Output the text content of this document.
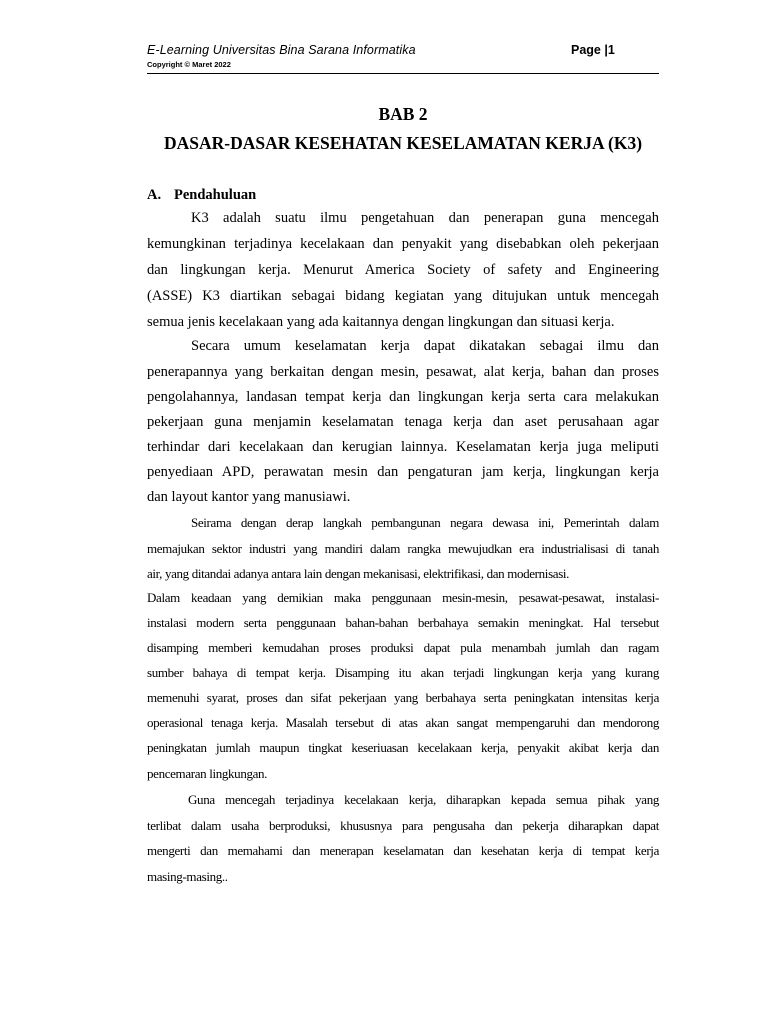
E-Learning Universitas Bina Sarana Informatika	Page |1
Copyright © Maret 2022
BAB 2
DASAR-DASAR KESEHATAN KESELAMATAN KERJA (K3)
A. Pendahuluan
K3 adalah suatu ilmu pengetahuan dan penerapan guna mencegah
kemungkinan terjadinya kecelakaan dan penyakit yang disebabkan oleh pekerjaan
dan lingkungan kerja. Menurut America Society of safety and Engineering
(ASSE) K3 diartikan sebagai bidang kegiatan yang ditujukan untuk mencegah
semua jenis kecelakaan yang ada kaitannya dengan lingkungan dan situasi kerja.
Secara umum keselamatan kerja dapat dikatakan sebagai ilmu dan
penerapannya yang berkaitan dengan mesin, pesawat, alat kerja, bahan dan proses
pengolahannya, landasan tempat kerja dan lingkungan kerja serta cara melakukan
pekerjaan guna menjamin keselamatan tenaga kerja dan aset perusahaan agar
terhindar dari kecelakaan dan kerugian lainnya. Keselamatan kerja juga meliputi
penyediaan APD, perawatan mesin dan pengaturan jam kerja, lingkungan kerja
dan layout kantor yang manusiawi.
Seirama dengan derap langkah pembangunan negara dewasa ini, Pemerintah dalam
memajukan sektor industri yang mandiri dalam rangka mewujudkan era industrialisasi di tanah
air, yang ditandai adanya antara lain dengan mekanisasi, elektrifikasi, dan modernisasi.
Dalam keadaan yang demikian maka penggunaan mesin-mesin, pesawat-pesawat, instalasi-
instalasi modern serta penggunaan bahan-bahan berbahaya semakin meningkat. Hal tersebut
disamping memberi kemudahan proses produksi dapat pula menambah jumlah dan ragam
sumber bahaya di tempat kerja. Disamping itu akan terjadi lingkungan kerja yang kurang
memenuhi syarat, proses dan sifat pekerjaan yang berbahaya serta peningkatan intensitas kerja
operasional tenaga kerja. Masalah tersebut di atas akan sangat mempengaruhi dan mendorong
peningkatan jumlah maupun tingkat keseriuasan kecelakaan kerja, penyakit akibat kerja dan
pencemaran lingkungan.
Guna mencegah terjadinya kecelakaan kerja, diharapkan kepada semua pihak yang
terlibat dalam usaha berproduksi, khususnya para pengusaha dan pekerja diharapkan dapat
mengerti dan memahami dan menerapan keselamatan dan kesehatan kerja di tempat kerja
masing-masing..
